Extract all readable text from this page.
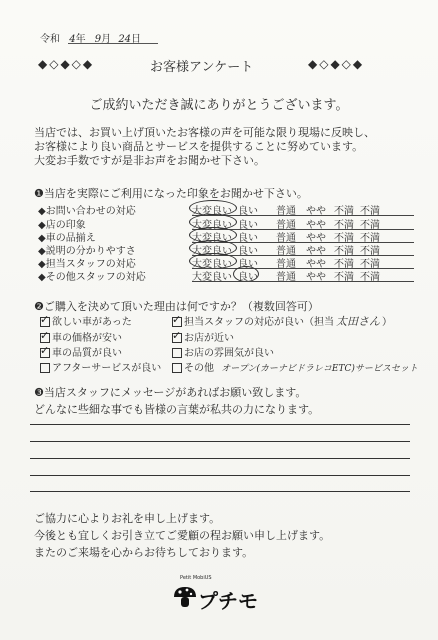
令和 4年 9月 24日
◆◇◆◇◆	お客様アンケート	◆◇◆◇◆
ご成約いただき誠にありがとうございます。
当店では、お買い上げ頂いたお客様の声を可能な限り現場に反映し、
お客様により良い商品とサービスを提供することに努めています。
大変お手数ですが是非お声をお聞かせ下さい。
❶当店を実際にご利用になった印象をお聞かせ下さい。
◆お問い合わせの対応	大変良い 良い 普通 やや 不満 不満
◆店の印象	大変良い 良い 普通 やや 不満 不満
◆車の品揃え	大変良い 良い 普通 やや 不満 不満
◆説明の分かりやすさ	大変良い 良い 普通 やや 不満 不満
◆担当スタッフの対応	大変良い 良い 普通 やや 不満 不満
◆その他スタッフの対応	大変良い 良い 普通 やや 不満 不満
❷ご購入を決めて頂いた理由は何ですか？（複数回答可）
✓欲しい車があった
✓車の価格が安い
✓車の品質が良い
アフターサービスが良い
✓担当スタッフの対応が良い（担当 太田さん ）
✓お店が近い
お店の雰囲気が良い
その他 オープン(カーナビドラレコETC)サービスセット
❸当店スタッフにメッセージがあればお願い致します。
どんなに些細な事でも皆様の言葉が私共の力になります。
ご協力に心よりお礼を申し上げます。
今後とも宜しくお引き立てご愛顧の程お願い申し上げます。
またのご来場を心からお待ちしております。
Petit MobiUS
プチモ
